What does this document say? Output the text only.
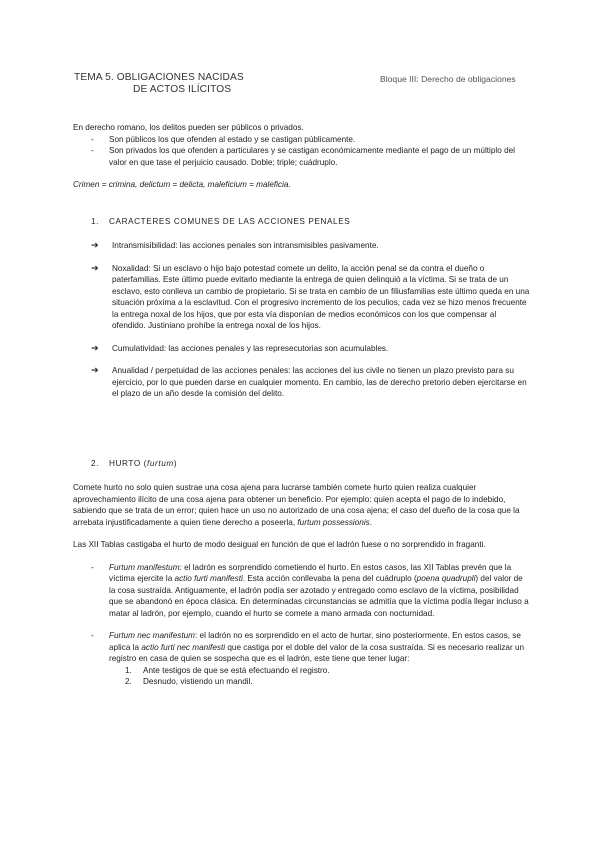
TEMA 5. OBLIGACIONES NACIDAS
DE ACTOS ILÍCITOS
Bloque III: Derecho de obligaciones

En derecho romano, los delitos pueden ser públicos o privados.

- Son públicos los que ofenden al estado y se castigan públicamente.
- Son privados los que ofenden a particulares y se castigan económicamente mediante el pago de un múltiplo del valor en que tase el perjuicio causado. Doble; triple; cuádruplo.

Crimen = crimina, delictum = delicta, maleficium = maleficia.

1. CARACTERES COMUNES DE LAS ACCIONES PENALES
➔ Intransmisibilidad: las acciones penales son intransmisibles pasivamente.
➔ Noxalidad: Si un esclavo o hijo bajo potestad comete un delito, la acción penal se da contra el dueño o paterfamilias. Este último puede evitarlo mediante la entrega de quien delinquió a la víctima. Si se trata de un esclavo, esto conlleva un cambio de propietario. Si se trata en cambio de un filiusfamilias este último queda en una situación próxima a la esclavitud. Con el progresivo incremento de los peculios, cada vez se hizo menos frecuente la entrega noxal de los hijos, que por esta vía disponían de medios económicos con los que compensar al ofendido. Justiniano prohíbe la entrega noxal de los hijos.
➔ Cumulatividad: las acciones penales y las represecutorias son acumulables.
➔ Anualidad / perpetuidad de las acciones penales: las acciones del ius civile no tienen un plazo previsto para su ejercicio, por lo que pueden darse en cualquier momento. En cambio, las de derecho pretorio deben ejercitarse en el plazo de un año desde la comisión del delito.
2. HURTO (furtum)

Comete hurto no solo quien sustrae una cosa ajena para lucrarse también comete hurto quien realiza cualquier aprovechamiento ilícito de una cosa ajena para obtener un beneficio. Por ejemplo: quien acepta el pago de lo indebido, sabiendo que se trata de un error; quien hace un uso no autorizado de una cosa ajena; el caso del dueño de la cosa que la arrebata injustificadamente a quien tiene derecho a poseerla, furtum possessionis.

Las XII Tablas castigaba el hurto de modo desigual en función de que el ladrón fuese o no sorprendido in fraganti.

- Furtum manifestum: el ladrón es sorprendido cometiendo el hurto. En estos casos, las XII Tablas prevén que la víctima ejercite la actio furti manifesti. Esta acción conllevaba la pena del cuádruplo (poena quadrupli) del valor de la cosa sustraída. Antiguamente, el ladrón podía ser azotado y entregado como esclavo de la víctima, posibilidad que se abandonó en época clásica. En determinadas circunstancias se admitía que la víctima podía llegar incluso a matar al ladrón, por ejemplo, cuando el hurto se comete a mano armada con nocturnidad.
- Furtum nec manifestum: el ladrón no es sorprendido en el acto de hurtar, sino posteriormente. En estos casos, se aplica la actio furti nec manifesti que castiga por el doble del valor de la cosa sustraída. Si es necesario realizar un registro en casa de quien se sospecha que es el ladrón, este tiene que tener lugar:
1. Ante testigos de que se está efectuando el registro.
2. Desnudo, vistiendo un mandil.
